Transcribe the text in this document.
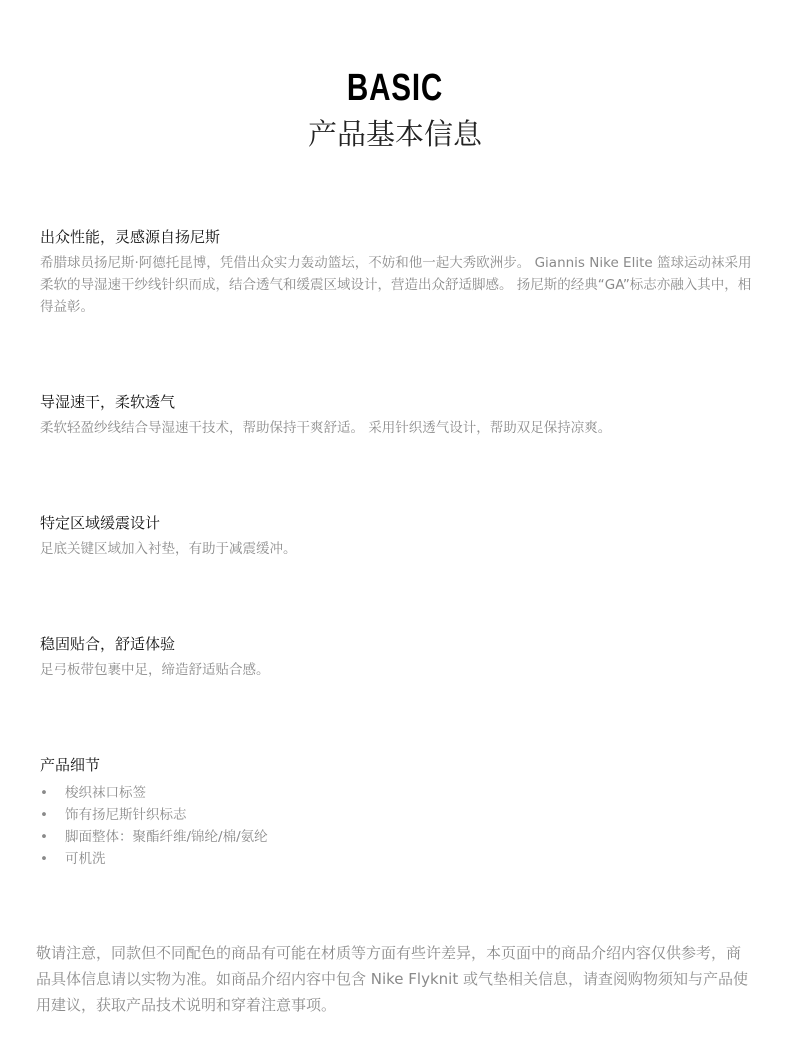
BASIC
产品基本信息
出众性能，灵感源自扬尼斯
希腊球员扬尼斯·阿德托昆博，凭借出众实力轰动篮坛，不妨和他一起大秀欧洲步。 Giannis Nike Elite 篮球运动袜采用柔软的导湿速干纱线针织而成，结合透气和缓震区域设计，营造出众舒适脚感。 扬尼斯的经典“GA”标志亦融入其中，相得益彰。
导湿速干，柔软透气
柔软轻盈纱线结合导湿速干技术，帮助保持干爽舒适。 采用针织透气设计，帮助双足保持凉爽。
特定区域缓震设计
足底关键区域加入衬垫，有助于减震缓冲。
稳固贴合，舒适体验
足弓板带包裹中足，缔造舒适贴合感。
产品细节
• 梭织袜口标签
• 饰有扬尼斯针织标志
• 脚面整体：聚酯纤维/锦纶/棉/氨纶
• 可机洗
敬请注意，同款但不同配色的商品有可能在材质等方面有些许差异，本页面中的商品介绍内容仅供参考，商品具体信息请以实物为准。如商品介绍内容中包含 Nike Flyknit 或气垫相关信息，请查阅购物须知与产品使用建议，获取产品技术说明和穿着注意事项。
